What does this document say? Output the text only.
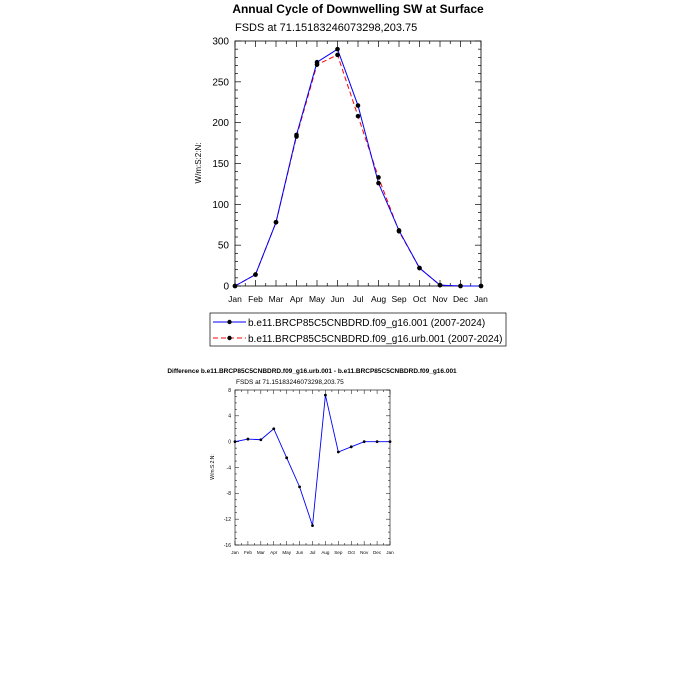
Annual Cycle of Downwelling SW at Surface
FSDS at 71.15183246073298,203.75
W/m:S:2:N:
Jan Feb Mar Apr May Jun Jul Aug Sep Oct Nov Dec Jan
0
50
100
150
200
250
300
b.e11.BRCP85C5CNBDRD.f09_g16.001 (2007-2024)
b.e11.BRCP85C5CNBDRD.f09_g16.urb.001 (2007-2024)
Difference b.e11.BRCP85C5CNBDRD.f09_g16.urb.001 - b.e11.BRCP85C5CNBDRD.f09_g16.001
FSDS at 71.15183246073298,203.75
W/m:S:2:N:
Jan Feb Mar Apr May Jun Jul Aug Sep Oct Nov Dec Jan
-16
-12
-8
-4
0
4
8
